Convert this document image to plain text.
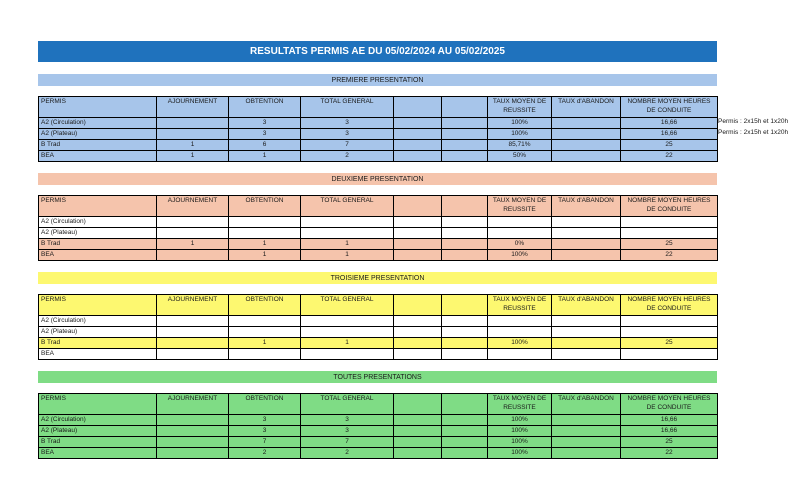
RESULTATS PERMIS AE DU 05/02/2024 AU 05/02/2025
PREMIERE PRESENTATION
PERMIS	AJOURNEMENT	OBTENTION	TOTAL GENERAL			TAUX MOYEN DE REUSSITE	TAUX d'ABANDON	NOMBRE MOYEN HEURES DE CONDUITE
A2 (Circulation)		3	3			100%		16,66
A2 (Plateau)		3	3			100%		16,66
B Trad	1	6	7			85,71%		25
BEA	1	1	2			50%		22
Permis : 2x15h et 1x20h
Permis : 2x15h et 1x20h
DEUXIEME PRESENTATION
PERMIS	AJOURNEMENT	OBTENTION	TOTAL GENERAL			TAUX MOYEN DE REUSSITE	TAUX d'ABANDON	NOMBRE MOYEN HEURES DE CONDUITE
A2 (Circulation)								
A2 (Plateau)								
B Trad	1	1	1			0%		25
BEA		1	1			100%		22
TROISIEME PRESENTATION
PERMIS	AJOURNEMENT	OBTENTION	TOTAL GENERAL			TAUX MOYEN DE REUSSITE	TAUX d'ABANDON	NOMBRE MOYEN HEURES DE CONDUITE
A2 (Circulation)								
A2 (Plateau)								
B Trad		1	1			100%		25
BEA								
TOUTES PRESENTATIONS
PERMIS	AJOURNEMENT	OBTENTION	TOTAL GENERAL			TAUX MOYEN DE REUSSITE	TAUX d'ABANDON	NOMBRE MOYEN HEURES DE CONDUITE
A2 (Circulation)		3	3			100%		16,66
A2 (Plateau)		3	3			100%		16,66
B Trad		7	7			100%		25
BEA		2	2			100%		22
